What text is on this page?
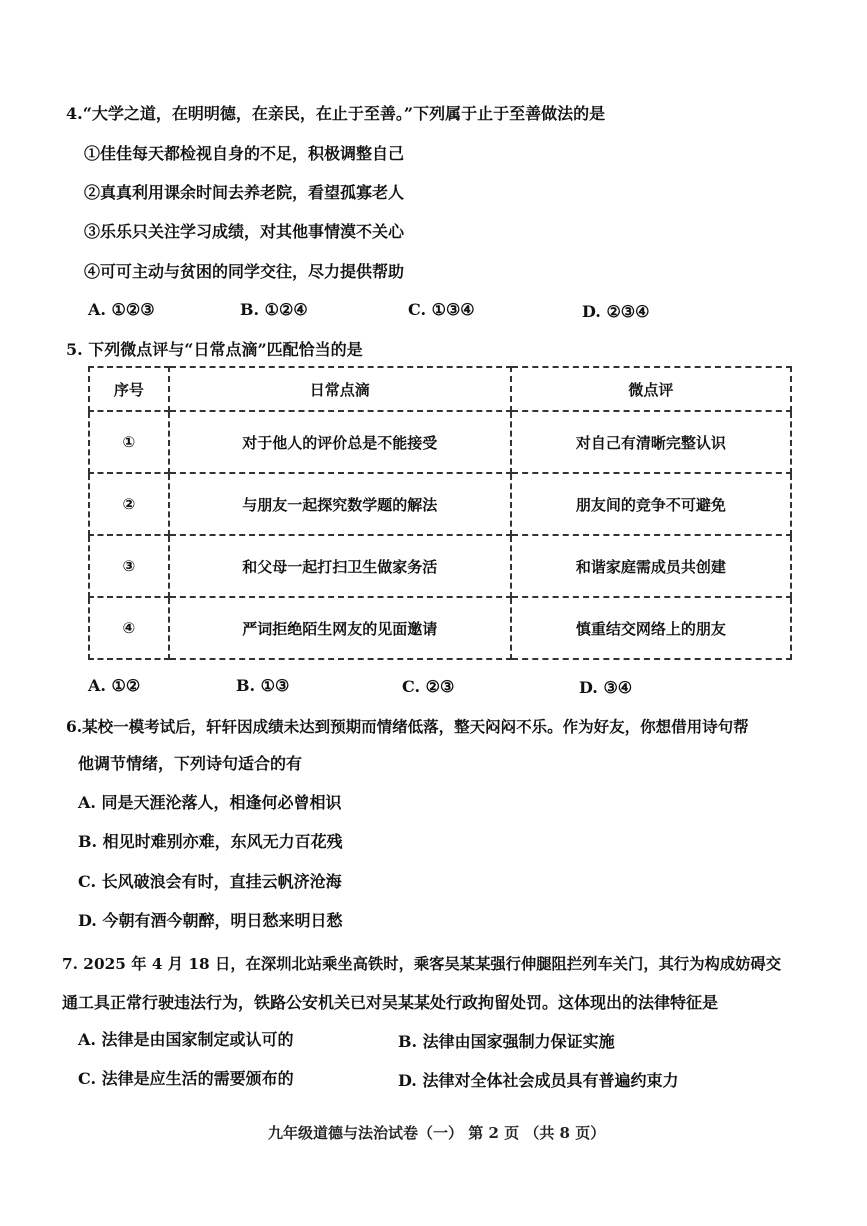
4.“大学之道，在明明德，在亲民，在止于至善。”下列属于止于至善做法的是
①佳佳每天都检视自身的不足，积极调整自己
②真真利用课余时间去养老院，看望孤寡老人
③乐乐只关注学习成绩，对其他事情漠不关心
④可可主动与贫困的同学交往，尽力提供帮助
A. ①②③	B. ①②④	C. ①③④	D. ②③④
5. 下列微点评与“日常点滴”匹配恰当的是
序号	日常点滴	微点评
①	对于他人的评价总是不能接受	对自己有清晰完整认识
②	与朋友一起探究数学题的解法	朋友间的竞争不可避免
③	和父母一起打扫卫生做家务活	和谐家庭需成员共创建
④	严词拒绝陌生网友的见面邀请	慎重结交网络上的朋友
A. ①②	B. ①③	C. ②③	D. ③④
6.某校一模考试后，轩轩因成绩未达到预期而情绪低落，整天闷闷不乐。作为好友，你想借用诗句帮
他调节情绪，下列诗句适合的有
A. 同是天涯沦落人，相逢何必曾相识
B. 相见时难别亦难，东风无力百花残
C. 长风破浪会有时，直挂云帆济沧海
D. 今朝有酒今朝醉，明日愁来明日愁
7. 2025 年 4 月 18 日，在深圳北站乘坐高铁时，乘客吴某某强行伸腿阻拦列车关门，其行为构成妨碍交
通工具正常行驶违法行为，铁路公安机关已对吴某某处行政拘留处罚。这体现出的法律特征是
A. 法律是由国家制定或认可的	B. 法律由国家强制力保证实施
C. 法律是应生活的需要颁布的	D. 法律对全体社会成员具有普遍约束力
九年级道德与法治试卷（一） 第 2 页 （共 8 页）
